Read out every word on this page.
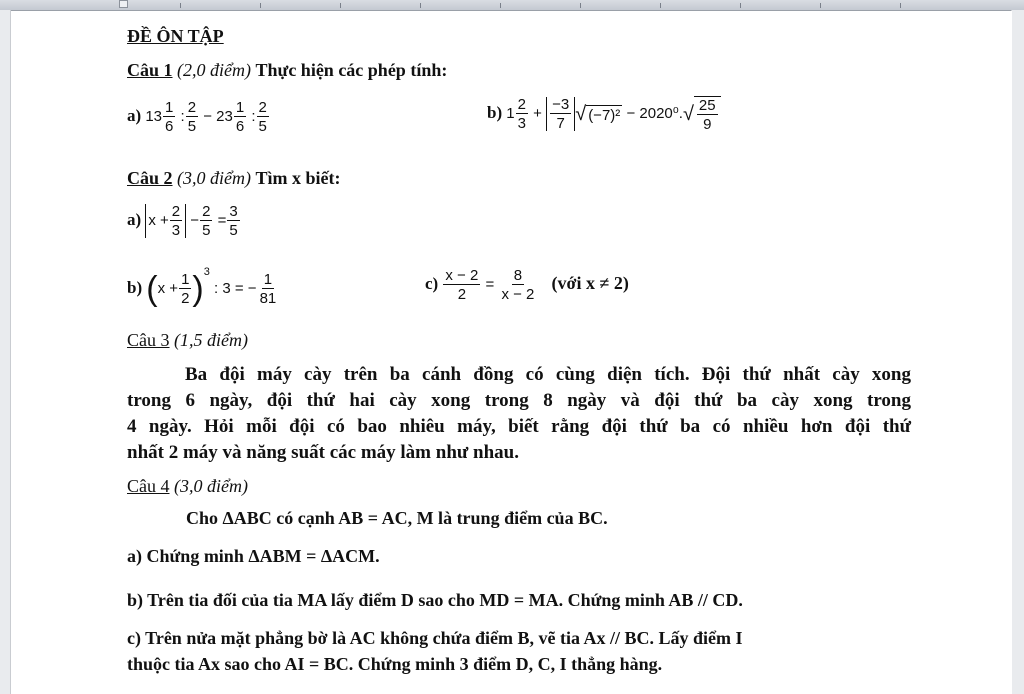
ĐỀ ÔN TẬP
Câu 1 (2,0 điểm) Thực hiện các phép tính:
a) $13 \frac{1}{6}$ : $\frac{2}{5} - 23 \frac{1}{6}$ : $\frac{2}{5}$	b) $1 \frac{2}{3} + \frac{-3}{7}$ √ (−7)² − 2020⁰. √ $\frac{25}{9}$
Câu 2 (3,0 điểm) Tìm x biết:
a) $x + \frac{2}{3} - \frac{2}{5} = \frac{3}{5}$
b) $(x + \frac{1}{2} )^3$ : 3 = − $\frac{1}{81}$	$c) \frac{x - 2}{2} = \frac{8}{x - 2}$ (với x ≠ 2)
Câu 3 (1,5 điểm)
Ba đội máy cày trên ba cánh đồng có cùng diện tích. Đội thứ nhất cày xong
trong 6 ngày, đội thứ hai cày xong trong 8 ngày và đội thứ ba cày xong trong
4 ngày. Hỏi mỗi đội có bao nhiêu máy, biết rằng đội thứ ba có nhiều hơn đội thứ
nhất 2 máy và năng suất các máy làm như nhau.
Câu 4 (3,0 điểm)
Cho ΔABC có cạnh AB = AC, M là trung điểm của BC.
a) Chứng minh ΔABM = ΔACM.
b) Trên tia đối của tia MA lấy điểm D sao cho MD = MA. Chứng minh AB // CD.
c) Trên nửa mặt phẳng bờ là AC không chứa điểm B, vẽ tia Ax // BC. Lấy điểm I
thuộc tia Ax sao cho AI = BC. Chứng minh 3 điểm D, C, I thẳng hàng.
